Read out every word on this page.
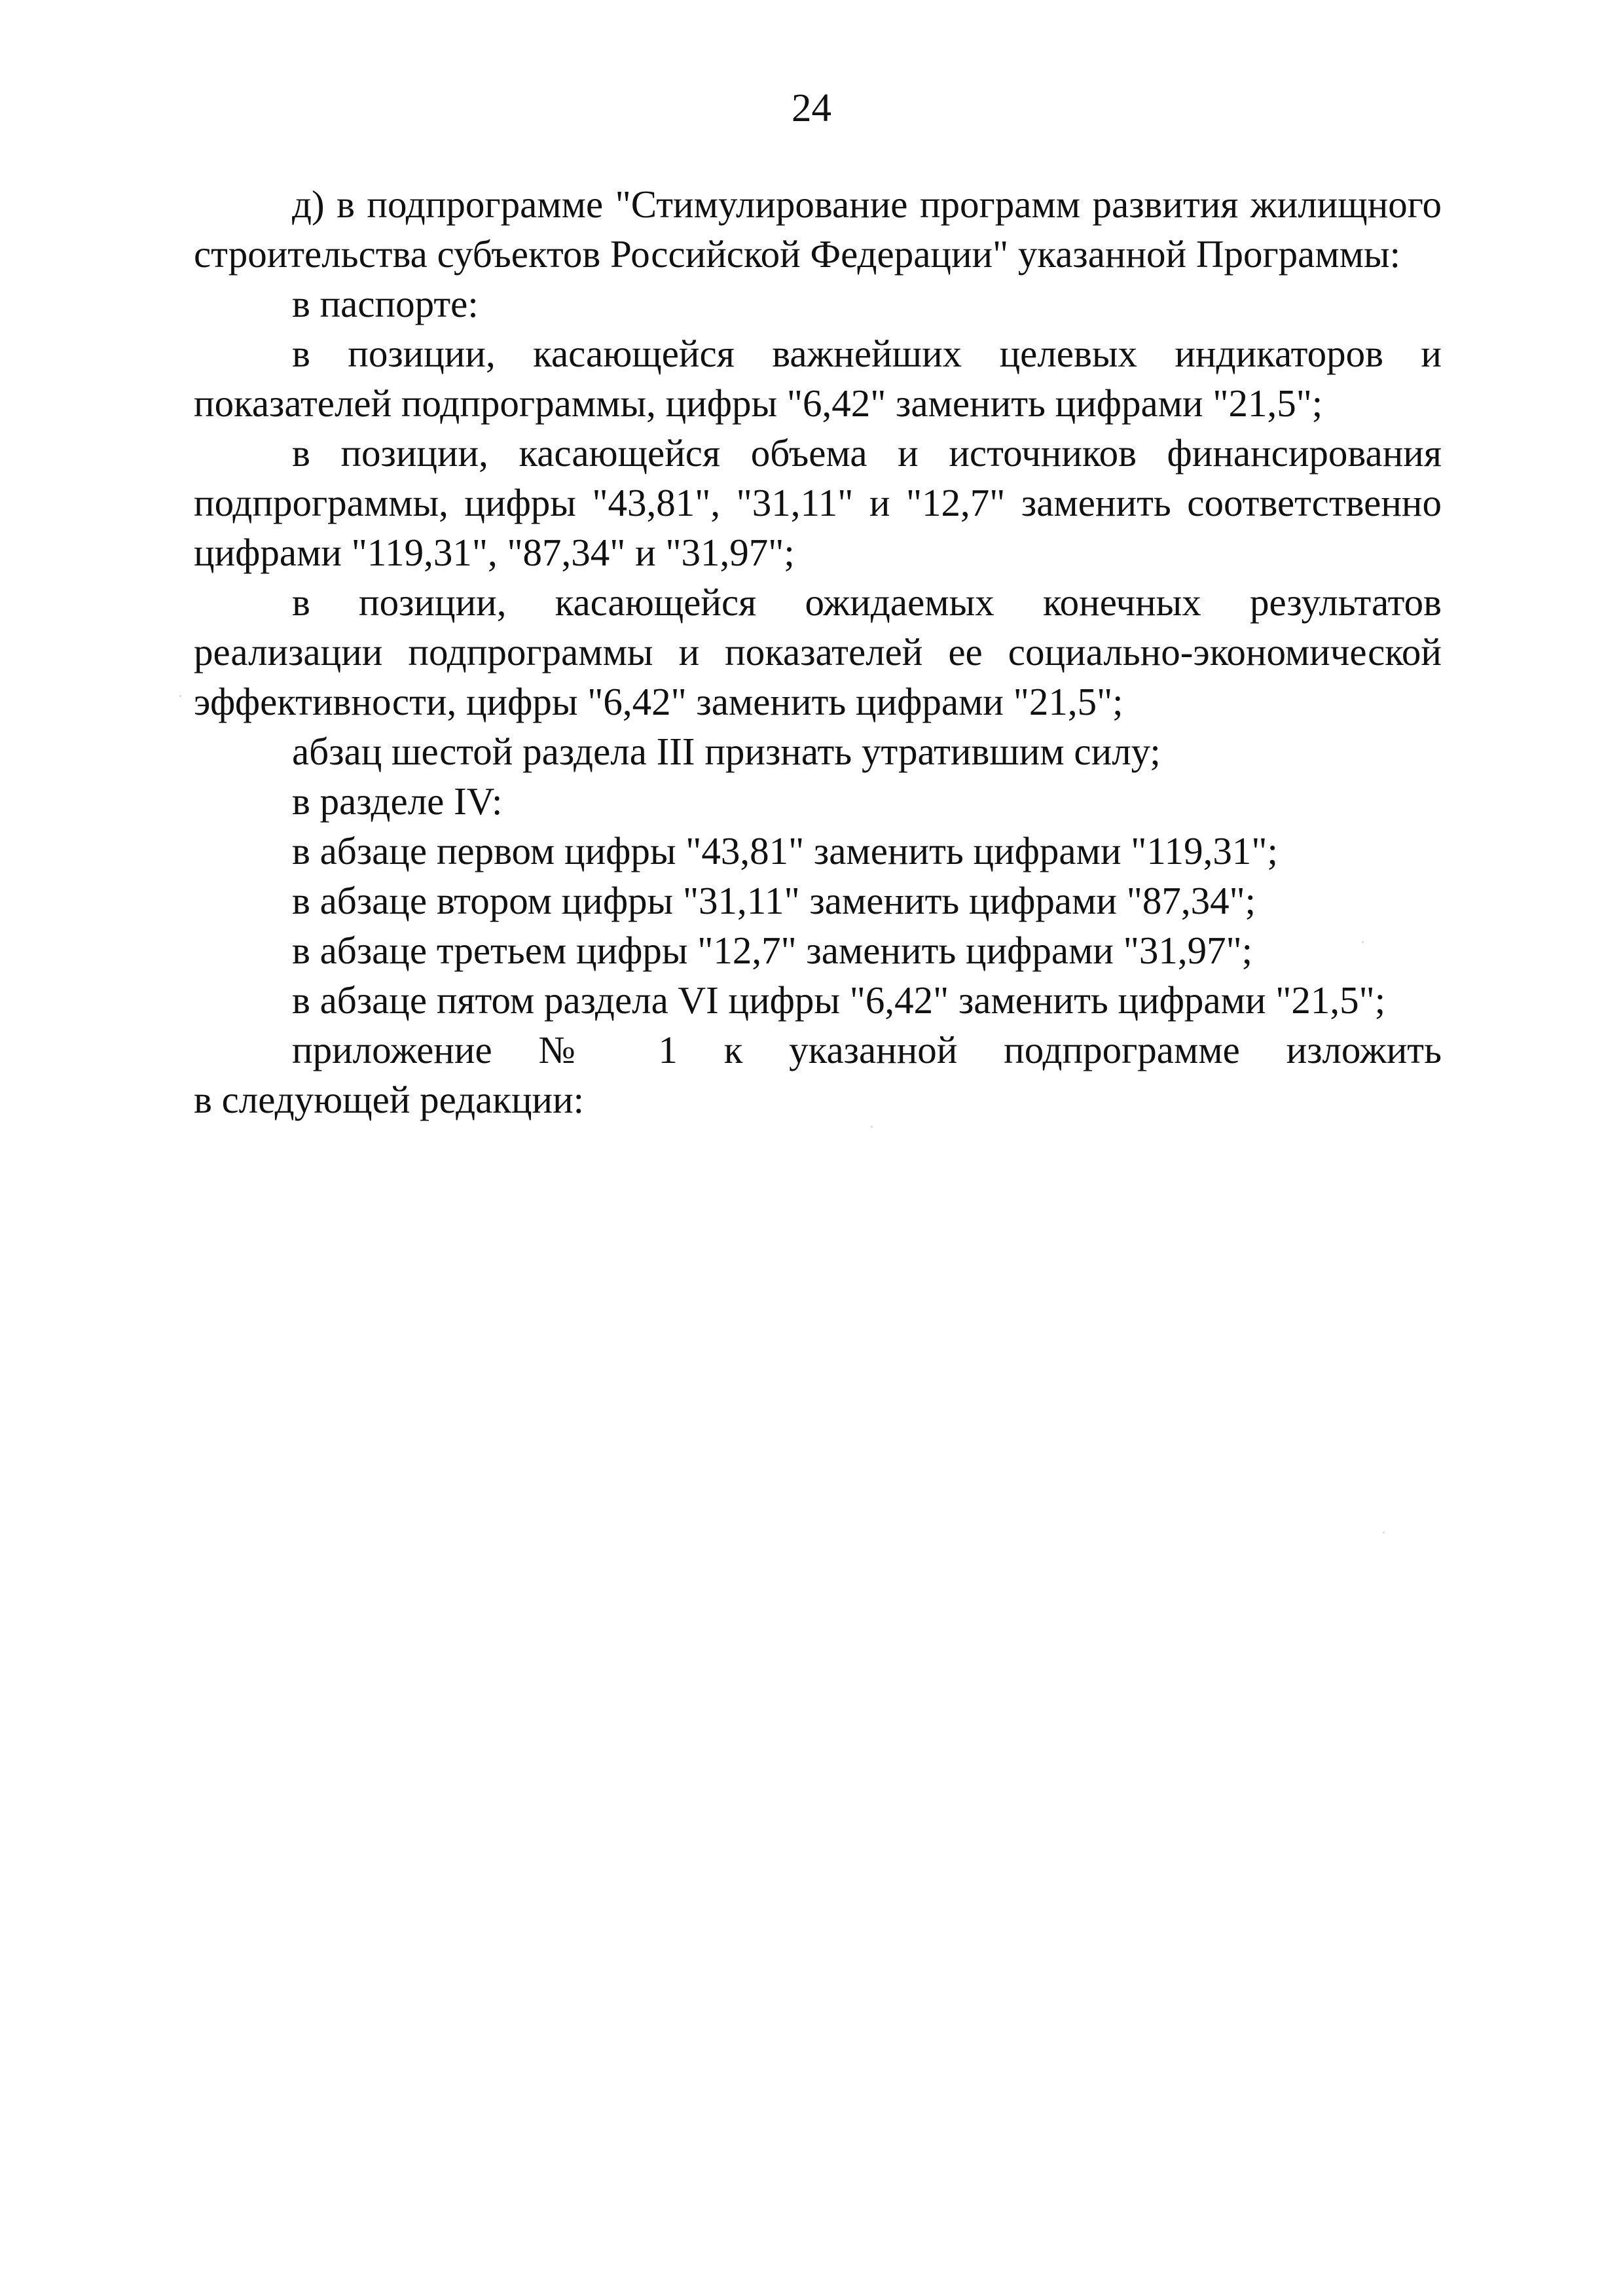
24

д) в подпрограмме "Стимулирование программ развития жилищного строительства субъектов Российской Федерации" указанной Программы:

в паспорте:

в позиции, касающейся важнейших целевых индикаторов и показателей подпрограммы, цифры "6,42" заменить цифрами "21,5";

в позиции, касающейся объема и источников финансирования подпрограммы, цифры "43,81", "31,11" и "12,7" заменить соответственно цифрами "119,31", "87,34" и "31,97";

в позиции, касающейся ожидаемых конечных результатов реализации подпрограммы и показателей ее социально-экономической эффективности, цифры "6,42" заменить цифрами "21,5";

абзац шестой раздела III признать утратившим силу;

в разделе IV:

в абзаце первом цифры "43,81" заменить цифрами "119,31";

в абзаце втором цифры "31,11" заменить цифрами "87,34";

в абзаце третьем цифры "12,7" заменить цифрами "31,97";

в абзаце пятом раздела VI цифры "6,42" заменить цифрами "21,5";

приложение № 1 к указанной подпрограмме изложить

в следующей редакции:
